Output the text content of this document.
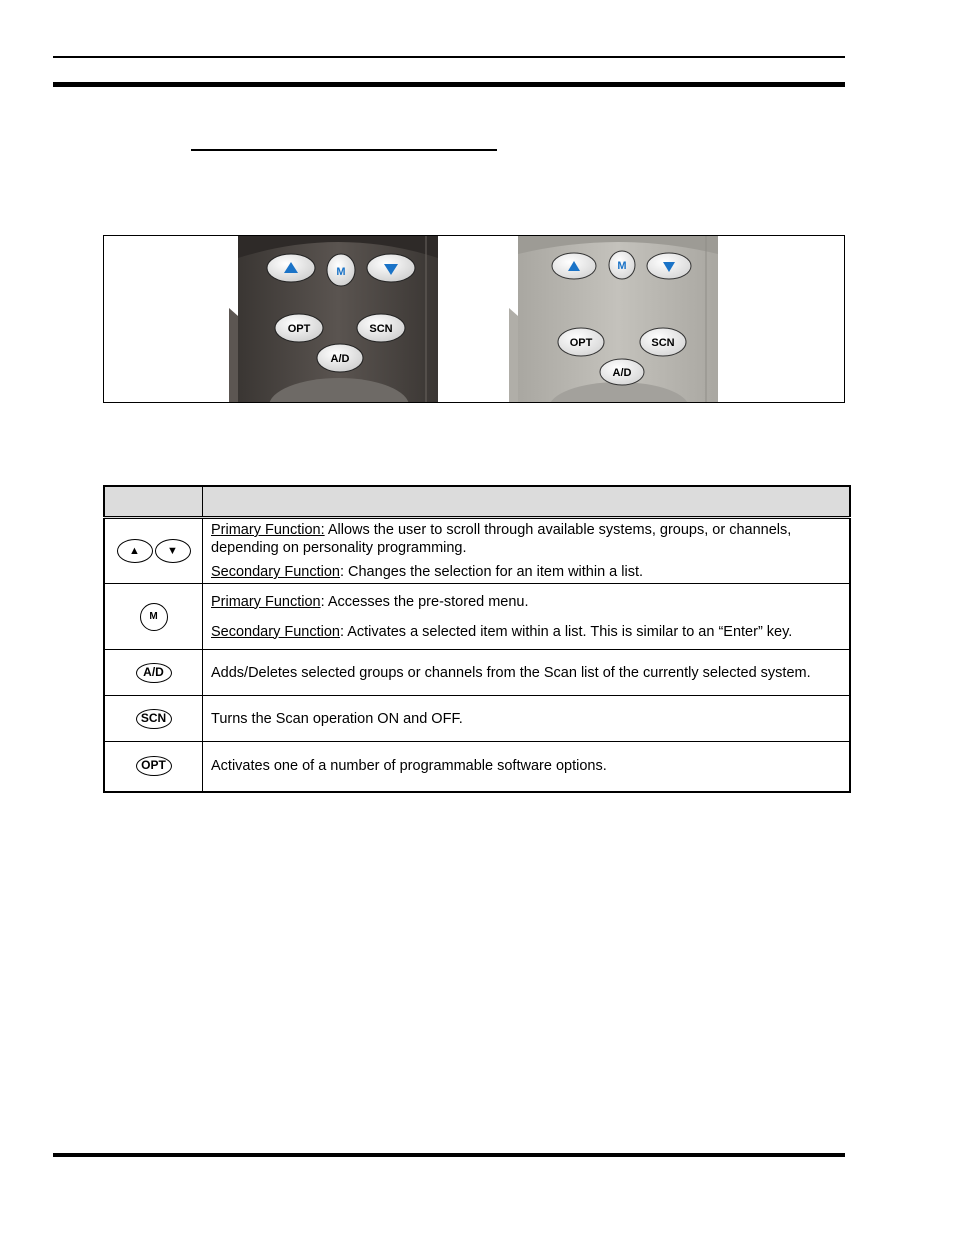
M
OPT	SCN
A/D
M
OPT	SCN
A/D

▲ ▼	Primary Function: Allows the user to scroll through available systems, groups, or channels, depending on personality programming.

Secondary Function: Changes the selection for an item within a list.

M	Primary Function: Accesses the pre-stored menu.

Secondary Function: Activates a selected item within a list. This is similar to an “Enter” key.

A/D	Adds/Deletes selected groups or channels from the Scan list of the currently selected system.
SCN	Turns the Scan operation ON and OFF.
OPT	Activates one of a number of programmable software options.
